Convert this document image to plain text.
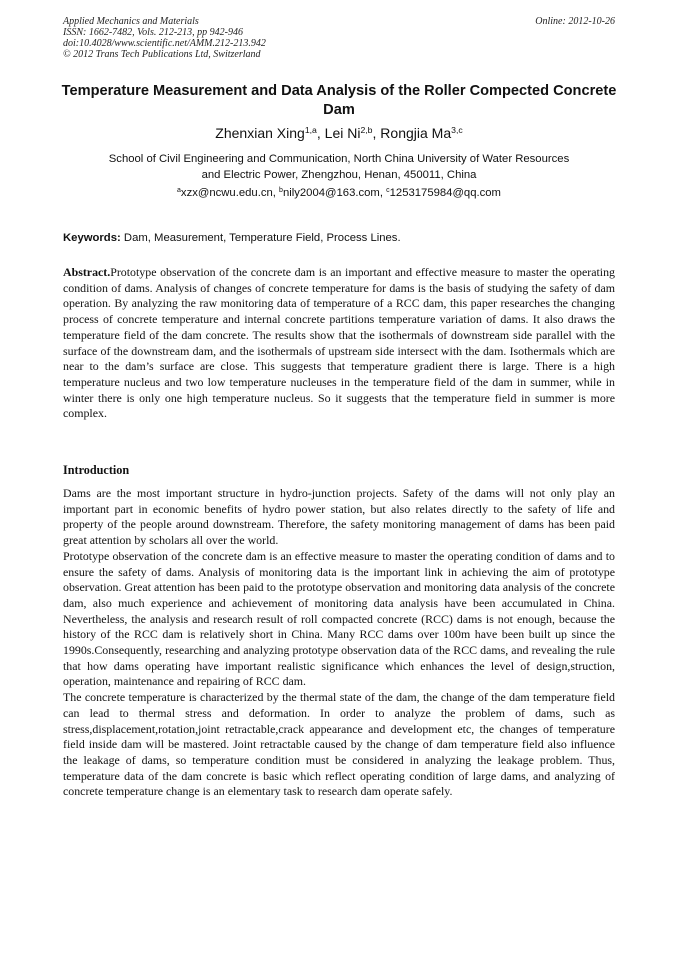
Applied Mechanics and Materials
ISSN: 1662-7482, Vols. 212-213, pp 942-946
doi:10.4028/www.scientific.net/AMM.212-213.942
© 2012 Trans Tech Publications Ltd, Switzerland
Online: 2012-10-26
Temperature Measurement and Data Analysis of the Roller Compected Concrete Dam
Zhenxian Xing$^{1,a}$, Lei Ni$^{2,b}$, Rongjia Ma$^{3,c}$
School of Civil Engineering and Communication, North China University of Water Resources
and Electric Power, Zhengzhou, Henan, 450011, China
$^a$xzx@ncwu.edu.cn, $^b$nily2004@163.com, $^c$1253175984@qq.com
Keywords: Dam, Measurement, Temperature Field, Process Lines.

Abstract.Prototype observation of the concrete dam is an important and effective measure to master the operating condition of dams. Analysis of changes of concrete temperature for dams is the basis of studying the safety of dam operation. By analyzing the raw monitoring data of temperature of a RCC dam, this paper researches the changing process of concrete temperature and internal concrete partitions temperature variation of dams. It also draws the temperature field of the dam concrete. The results show that the isothermals of downstream side parallel with the surface of the downstream dam, and the isothermals of upstream side intersect with the dam. Isothermals which are near to the dam’s surface are close. This suggests that temperature gradient there is large. There is a high temperature nucleus and two low temperature nucleuses in the temperature field of the dam in summer, while in winter there is only one high temperature nucleus. So it suggests that the temperature field in summer is more complex.

Introduction

Dams are the most important structure in hydro-junction projects. Safety of the dams will not only play an important part in economic benefits of hydro power station, but also relates directly to the safety of life and property of the people around downstream. Therefore, the safety monitoring management of dams has been paid great attention by scholars all over the world.

Prototype observation of the concrete dam is an effective measure to master the operating condition of dams and to ensure the safety of dams. Analysis of monitoring data is the important link in achieving the aim of prototype observation. Great attention has been paid to the prototype observation and monitoring data analysis of the concrete dam, also much experience and achievement of monitoring data analysis have been accumulated in China. Nevertheless, the analysis and research result of roll compacted concrete (RCC) dams is not enough, because the history of the RCC dam is relatively short in China. Many RCC dams over 100m have been built up since the 1990s.Consequently, researching and analyzing prototype observation data of the RCC dams, and revealing the rule that how dams operating have important realistic significance which enhances the level of design,struction, operation, maintenance and repairing of RCC dam.

The concrete temperature is characterized by the thermal state of the dam, the change of the dam temperature field can lead to thermal stress and deformation. In order to analyze the problem of dams, such as stress,displacement,rotation,joint retractable,crack appearance and development etc, the changes of temperature field inside dam will be mastered. Joint retractable caused by the change of dam temperature field also influence the leakage of dams, so temperature condition must be considered in analyzing the leakage problem. Thus, temperature data of the dam concrete is basic which reflect operating condition of large dams, and analyzing of concrete temperature change is an elementary task to research dam operate safely.
